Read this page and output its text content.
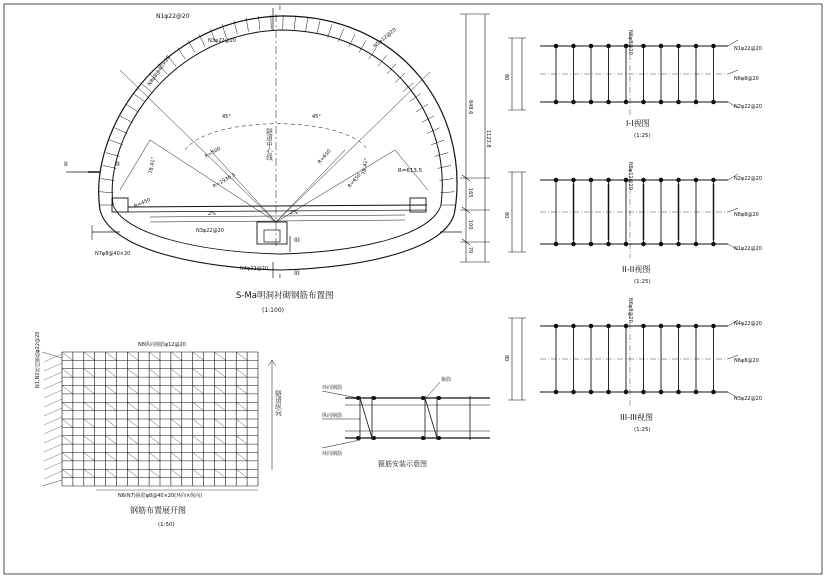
N1φ22@20
N3φ22@20	N5φ12@20
N8φ8@40×20
R=613.5
R=500
R=1936.5
R=650
R=650
R=450
45°	45°
78.41°	78.41°
2%
2%
N3φ22@20
N7φ8@40×20
N4φ22@20
III
III
II	II
I
I
隧道中心线
848.6
1123.8
165
100
70
S-Ma明洞衬砌钢筋布置图
(1:100)
N1φ22@20
N6φ8@20
N2φ22@20
N2φ22@20
N6φ8@20
N1φ22@20
N4φ22@20
N6φ8@20
N3φ22@20
N6φ8@20
N5φ12@20
N6φ8@20
80
80
80
I-I视图
(1:25)
II-II视图
(1:25)
III-III视图
(1:25)
N8纵向钢筋φ12@20
N1,N2环向钢筋φ22@20
N6(N7)箍筋φ8@40×20(环向×纵向)
隧道纵向
钢筋布置展开图
(1:50)
环向钢筋
纵向钢筋
环向钢筋
箍筋
箍筋安装示意图
